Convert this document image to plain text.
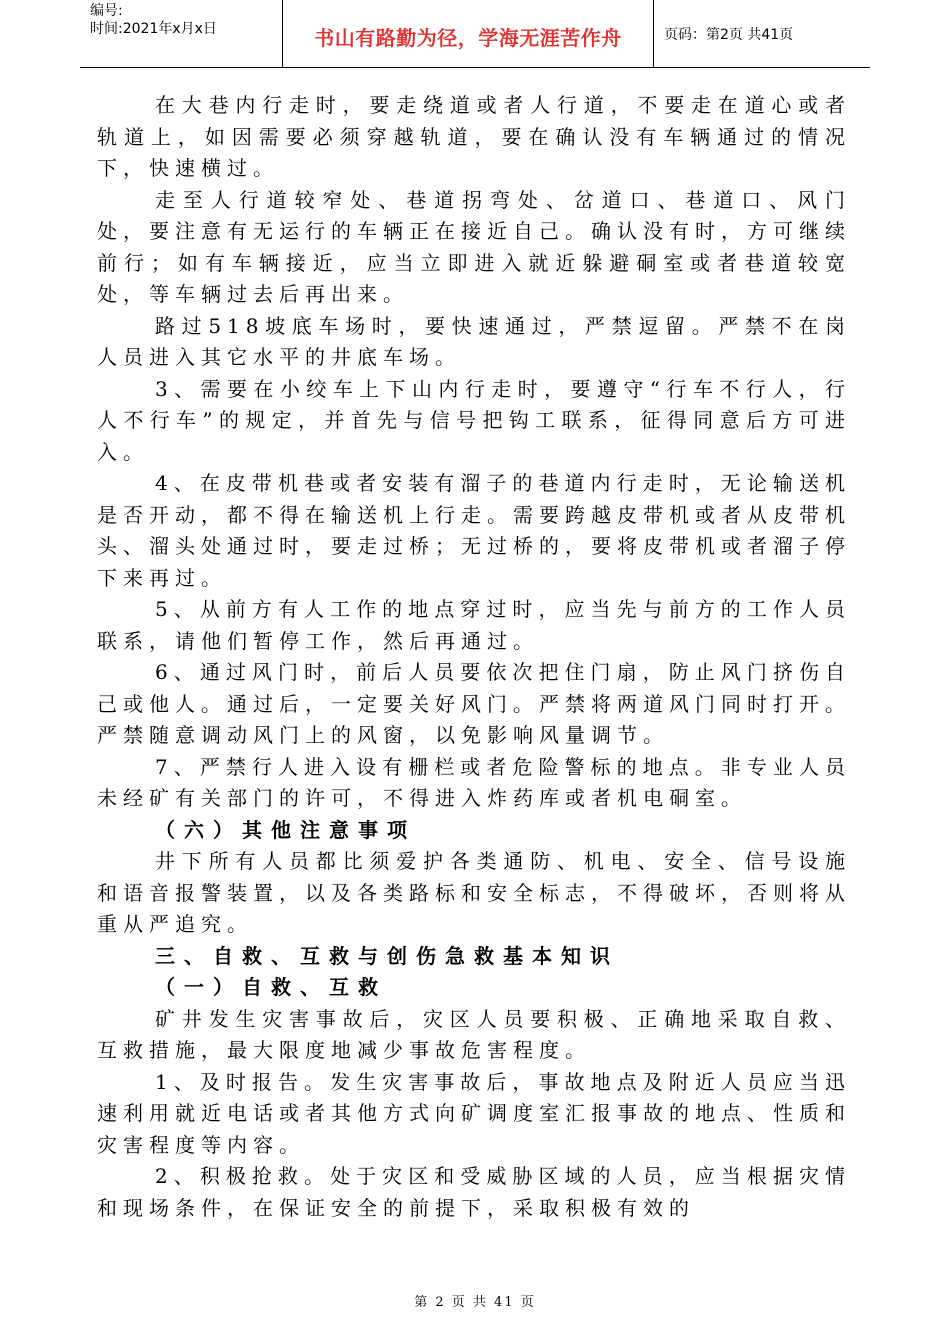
编号:
时间:2021年x月x日	书山有路勤为径，学海无涯苦作舟	页码：第2页 共41页

在大巷内行走时，要走绕道或者人行道，不要走在道心或者轨道上，如因需要必须穿越轨道，要在确认没有车辆通过的情况下，快速横过。

走至人行道较窄处、巷道拐弯处、岔道口、巷道口、风门处，要注意有无运行的车辆正在接近自己。确认没有时，方可继续前行；如有车辆接近，应当立即进入就近躲避硐室或者巷道较宽处，等车辆过去后再出来。

路过518坡底车场时，要快速通过，严禁逗留。严禁不在岗人员进入其它水平的井底车场。

3、需要在小绞车上下山内行走时，要遵守“行车不行人，行人不行车”的规定，并首先与信号把钩工联系，征得同意后方可进入。

4、在皮带机巷或者安装有溜子的巷道内行走时，无论输送机是否开动，都不得在输送机上行走。需要跨越皮带机或者从皮带机头、溜头处通过时，要走过桥；无过桥的，要将皮带机或者溜子停下来再过。

5、从前方有人工作的地点穿过时，应当先与前方的工作人员联系，请他们暂停工作，然后再通过。

6、通过风门时，前后人员要依次把住门扇，防止风门挤伤自己或他人。通过后，一定要关好风门。严禁将两道风门同时打开。严禁随意调动风门上的风窗，以免影响风量调节。

7、严禁行人进入设有栅栏或者危险警标的地点。非专业人员未经矿有关部门的许可，不得进入炸药库或者机电硐室。

（六）其他注意事项

井下所有人员都比须爱护各类通防、机电、安全、信号设施和语音报警装置，以及各类路标和安全标志，不得破坏，否则将从重从严追究。

三、自救、互救与创伤急救基本知识

（一）自救、互救

矿井发生灾害事故后，灾区人员要积极、正确地采取自救、互救措施，最大限度地减少事故危害程度。

1、及时报告。发生灾害事故后，事故地点及附近人员应当迅速利用就近电话或者其他方式向矿调度室汇报事故的地点、性质和灾害程度等内容。

2、积极抢救。处于灾区和受威胁区域的人员，应当根据灾情和现场条件，在保证安全的前提下，采取积极有效的

第 2 页 共 41 页
